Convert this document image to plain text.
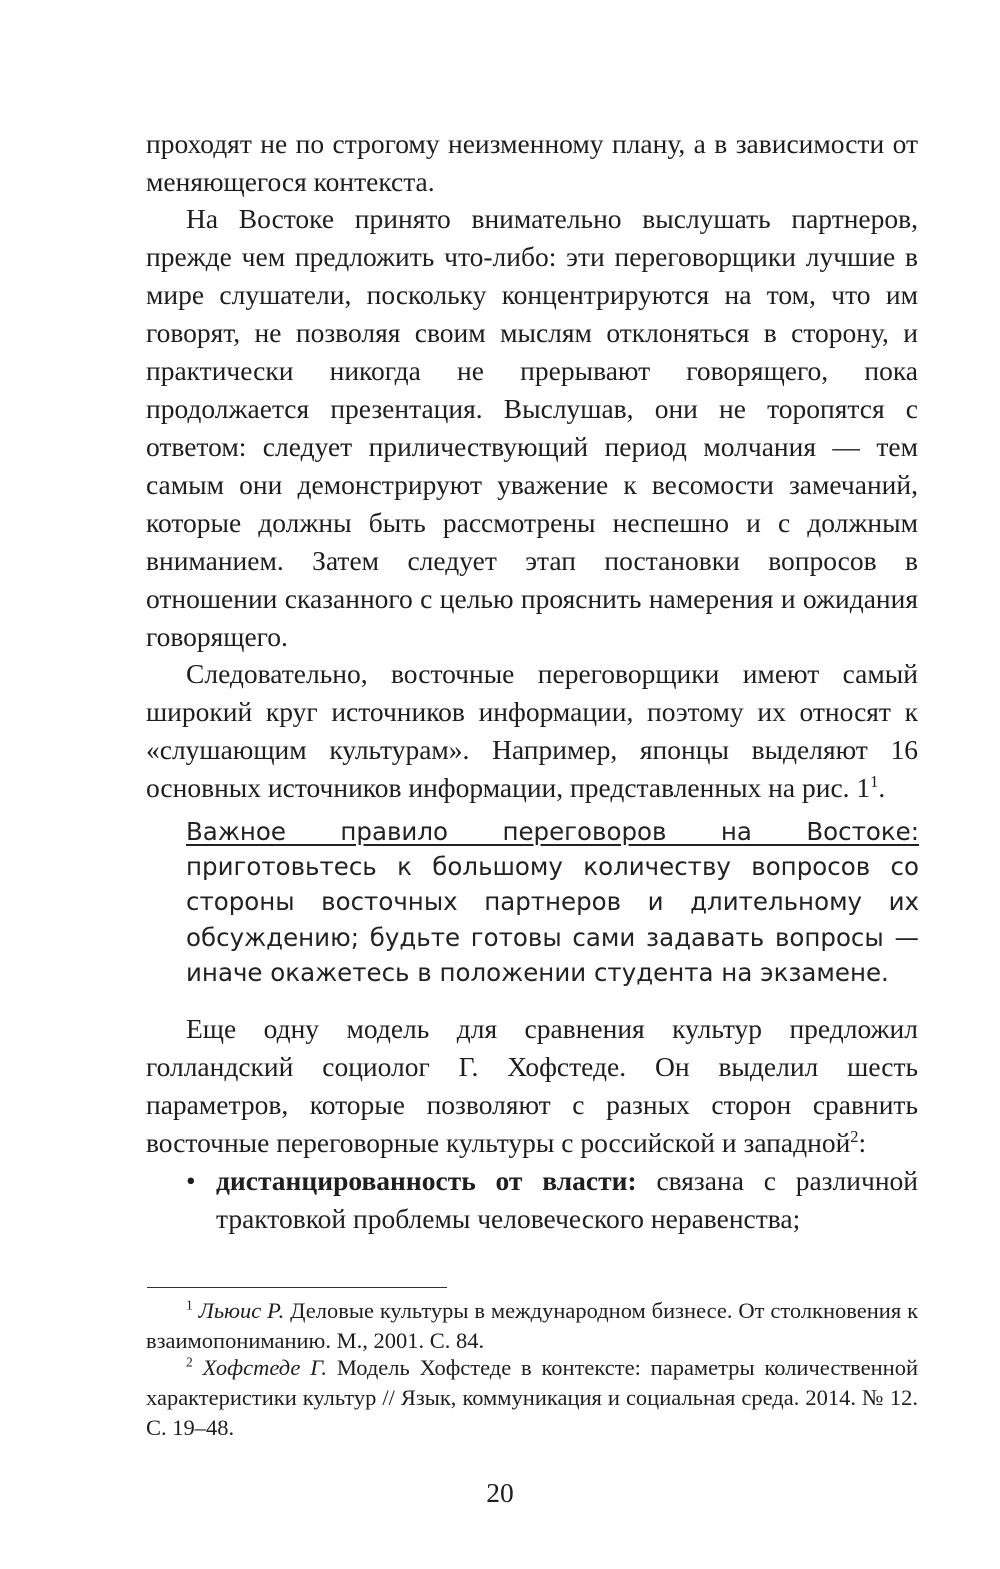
проходят не по строгому неизменному плану, а в зависимости от меняющегося контекста.

На Востоке принято внимательно выслушать партнеров, прежде чем предложить что-либо: эти переговорщики лучшие в мире слушатели, поскольку концентрируются на том, что им говорят, не позволяя своим мыслям отклоняться в сторону, и практически никогда не прерывают говорящего, пока продолжается презентация. Выслушав, они не торопятся с ответом: следует приличествующий период молчания — тем самым они демонстрируют уважение к весомости замечаний, которые должны быть рассмотрены неспешно и с должным вниманием. Затем следует этап постановки вопросов в отношении сказанного с целью прояснить намерения и ожидания говорящего.

Следовательно, восточные переговорщики имеют самый широкий круг источников информации, поэтому их относят к «слушающим культурам». Например, японцы выделяют 16 основных источников информации, представленных на рис. $1^1$.

Важное правило переговоров на Востоке: приготовьтесь к большому количеству вопросов со стороны восточных партнеров и длительному их обсуждению; будьте готовы сами задавать вопросы — иначе окажетесь в положении студента на экзамене.

Еще одну модель для сравнения культур предложил голландский социолог Г. Хофстеде. Он выделил шесть параметров, которые позволяют с разных сторон сравнить восточные переговорные культуры с российской и западной$^2$:

• дистанцированность от власти: связана с различной трактовкой проблемы человеческого неравенства;

$^1$ Льюис Р. Деловые культуры в международном бизнесе. От столкновения к взаимопониманию. М., 2001. С. 84.

$^2$ Хофстеде Г. Модель Хофстеде в контексте: параметры количественной характеристики культур // Язык, коммуникация и социальная среда. 2014. № 12. С. 19–48.

20
